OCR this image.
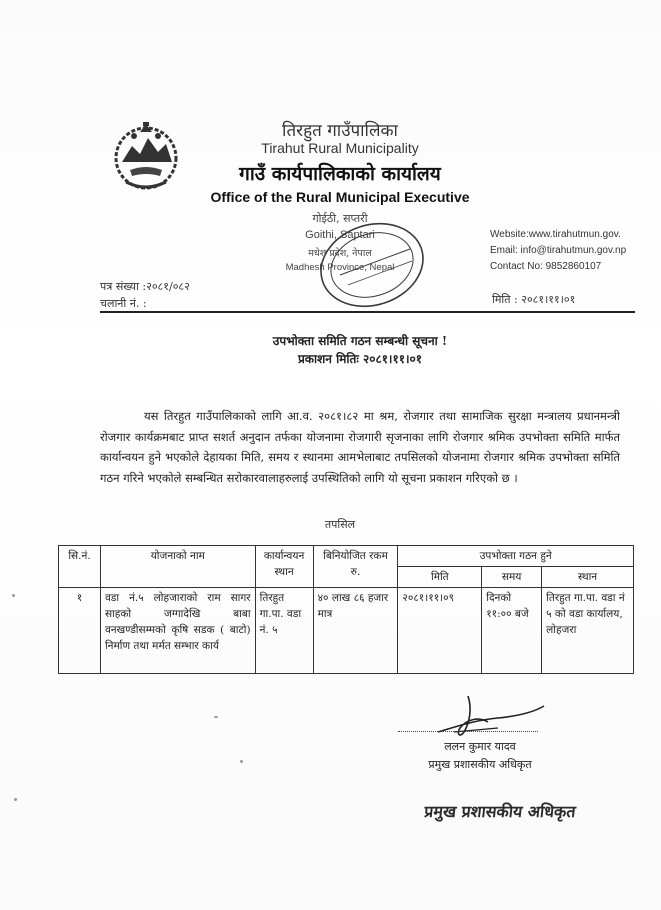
तिरहुत गाउँपालिका
Tirahut Rural Municipality
गाउँ कार्यपालिकाको कार्यालय
Office of the Rural Municipal Executive
गोईठी, सप्तरी
Goithi, Saptari
मधेश प्रदेश, नेपाल
Madhesh Province, Nepal
Website:www.tirahutmun.gov.
Email: info@tirahutmun.gov.np
Contact No: 9852860107
पत्र संख्या :२०८१/०८२
चलानी नं. :	मिति : २०८१।११।०१
उपभोक्ता समिति गठन सम्बन्धी सूचना !
प्रकाशन मितिः २०८१।११।०१
यस तिरहुत गाउँपालिकाको लागि आ.व. २०८१।८२ मा श्रम, रोजगार तथा सामाजिक सुरक्षा मन्त्रालय प्रधानमन्त्री रोजगार कार्यक्रमबाट प्राप्त सशर्त अनुदान तर्फका योजनामा रोजगारी सृजनाका लागि रोजगार श्रमिक उपभोक्ता समिति मार्फत कार्यान्वयन हुने भएकोले देहायका मिति, समय र स्थानमा आमभेलाबाट तपसिलको योजनामा रोजगार श्रमिक उपभोक्ता समिति गठन गरिने भएकोले सम्बन्धित सरोकारवालाहरुलाई उपस्थितिको लागि यो सूचना प्रकाशन गरिएको छ ।
तपसिल
सि.नं.	योजनाको नाम	कार्यान्वयन स्थान	बिनियोजित रकम रु.	उपभोक्ता गठन हुने		
				मिति	समय	स्थान
१	वडा नं.५ लोहजाराको राम सागर साहको जग्गादेखि बाबा वनखण्डीसम्मको कृषि सडक ( बाटो) निर्माण तथा मर्मत सम्भार कार्य	तिरहुत गा.पा. वडा नं. ५	४० लाख ८६ हजार मात्र	२०८१।११।०९	दिनको ११:०० बजे	तिरहुत गा.पा. वडा नं ५ को वडा कार्यालय, लोहजरा
ललन कुमार यादव
प्रमुख प्रशासकीय अधिकृत
प्रमुख प्रशासकीय अधिकृत
